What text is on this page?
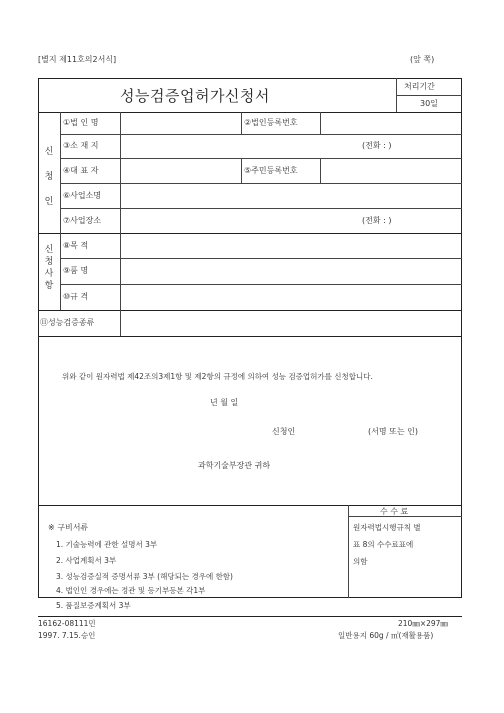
[별지 제11호의2서식]	(앞 쪽)
성능검증업허가신청서
처리기간
30일
신
청
인
①법 인 명	②법인등록번호
③소 재 지	(전화 : )
④대 표 자	⑤주민등록번호
⑥사업소명
⑦사업장소	(전화 : )
신
청
사
항
⑧목 적
⑨품 명
⑩규 격
⑪성능검증종류
위와 같이 원자력법 제42조의3제1항 및 제2항의 규정에 의하여 성능 검증업허가를 신청합니다.
년 월 일
신청인	(서명 또는 인)
과학기술부장관 귀하
수 수 료
원자력법시행규칙 별
표 8의 수수료표에
의함
※ 구비서류
1. 기술능력에 관한 설명서 3부
2. 사업계획서 3부
3. 성능검증실적 증명서류 3부 (해당되는 경우에 한함)
4. 법인인 경우에는 정관 및 등기부등본 각1부
5. 품질보증계획서 3부
16162-08111민
1997. 7.15.승인
210㎜×297㎜
일반용지 60g / ㎡(재활용품)
